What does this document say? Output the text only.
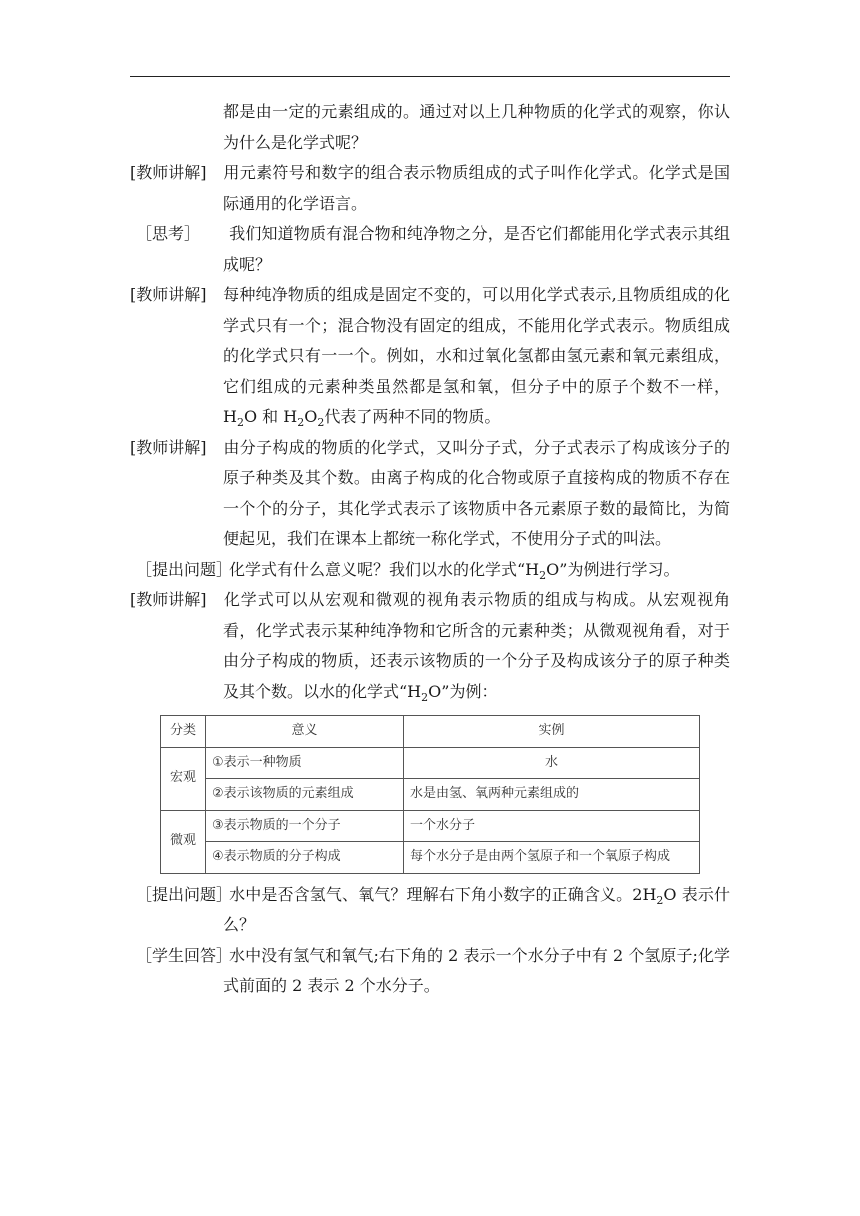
都是由一定的元素组成的。通过对以上几种物质的化学式的观察，你认为什么是化学式呢？

[教师讲解] 用元素符号和数字的组合表示物质组成的式子叫作化学式。化学式是国际通用的化学语言。

［思考］ 我们知道物质有混合物和纯净物之分，是否它们都能用化学式表示其组成呢？

[教师讲解] 每种纯净物质的组成是固定不变的，可以用化学式表示,且物质组成的化学式只有一个；混合物没有固定的组成，不能用化学式表示。物质组成的化学式只有一一个。例如，水和过氧化氢都由氢元素和氧元素组成，它们组成的元素种类虽然都是氢和氧，但分子中的原子个数不一样，$H_2O$ 和 $H_2O_2$代表了两种不同的物质。

[教师讲解] 由分子构成的物质的化学式，又叫分子式，分子式表示了构成该分子的原子种类及其个数。由离子构成的化合物或原子直接构成的物质不存在一个个的分子，其化学式表示了该物质中各元素原子数的最简比，为简便起见，我们在课本上都统一称化学式，不使用分子式的叫法。

［提出问题］化学式有什么意义呢？我们以水的化学式“$H_2O$”为例进行学习。

[教师讲解] 化学式可以从宏观和微观的视角表示物质的组成与构成。从宏观视角看，化学式表示某种纯净物和它所含的元素种类；从微观视角看，对于由分子构成的物质，还表示该物质的一个分子及构成该分子的原子种类及其个数。以水的化学式“$H_2O$”为例：

分类	意义	实例
宏观	①表示一种物质	水
	②表示该物质的元素组成	水是由氢、氧两种元素组成的
微观	③表示物质的一个分子	一个水分子
	④表示物质的分子构成	每个水分子是由两个氢原子和一个氧原子构成

［提出问题］水中是否含氢气、氧气？理解右下角小数字的正确含义。$2H_2O$ 表示什么？

［学生回答］水中没有氢气和氧气;右下角的 2 表示一个水分子中有 2 个氢原子;化学式前面的 2 表示 2 个水分子。
